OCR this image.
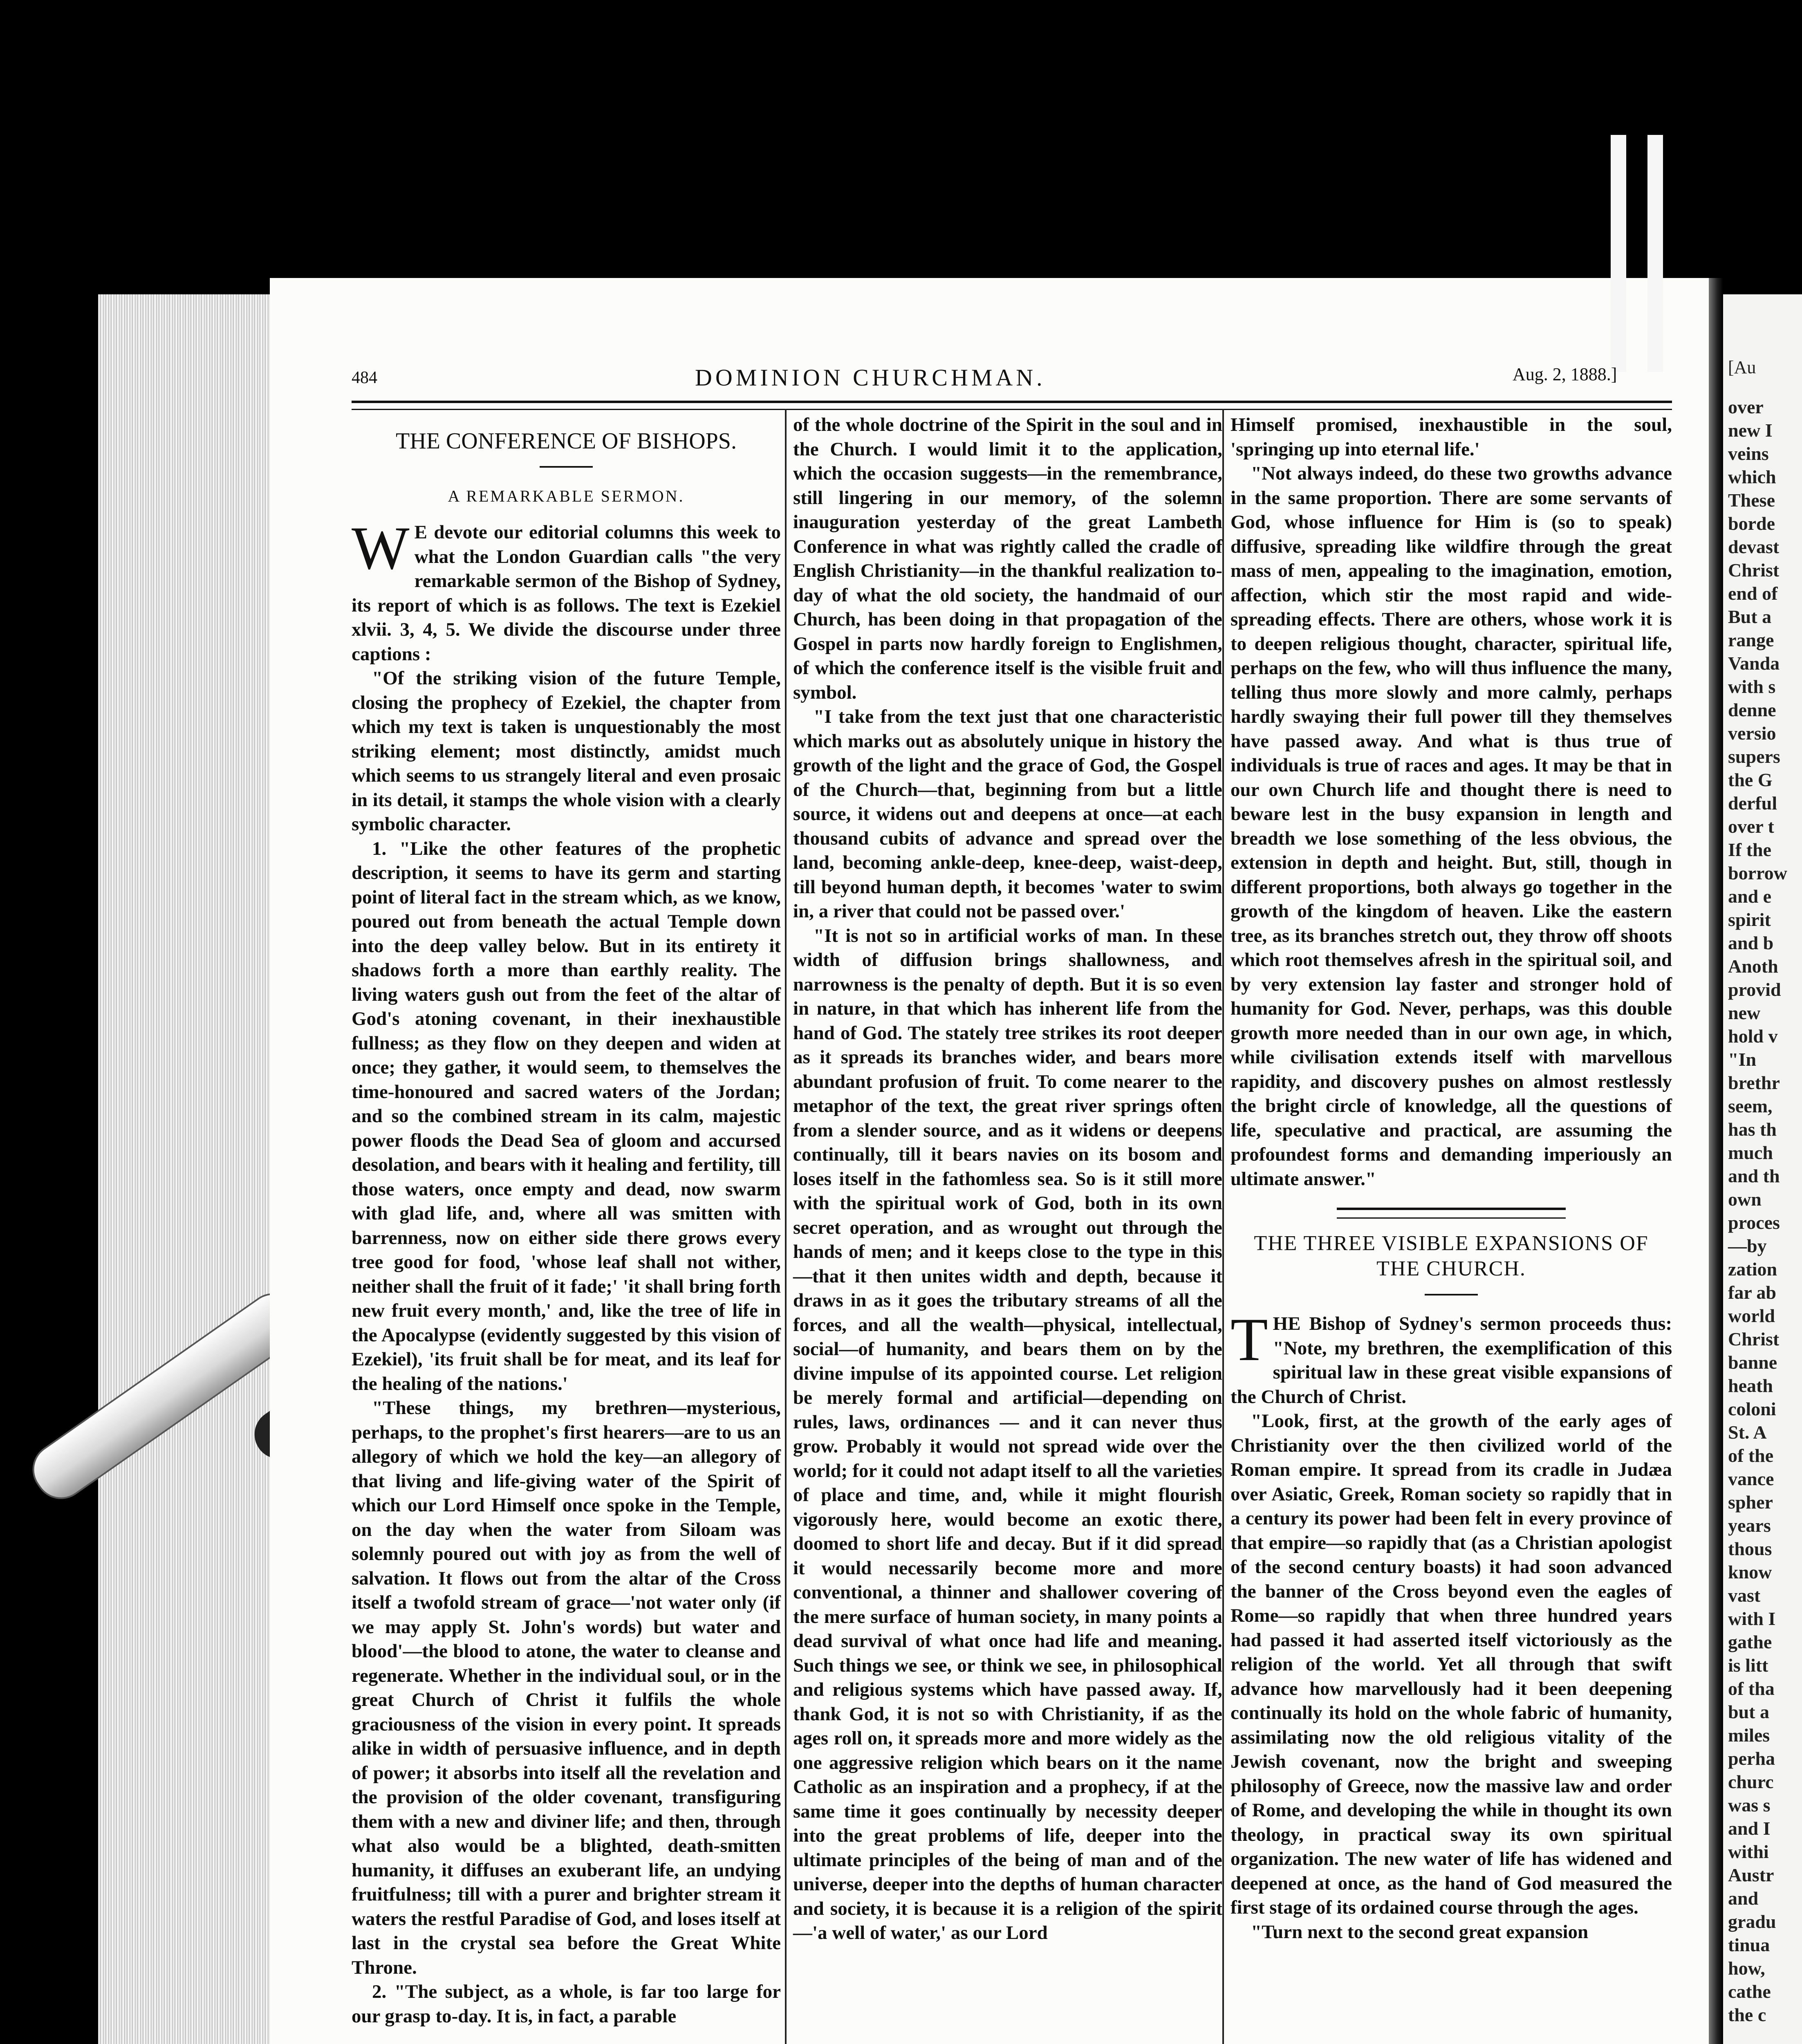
[Au
over
new I
veins
which
These
borde
devast
Christ
end of
But a
range
Vanda
with s
denne
versio
supers
the G
derful
over t
If the
borrow
and e
spirit
and b
Anoth
provid
new
hold v
"In
brethr
seem,
has th
much
and th
own
proces
—by
zation
far ab
world
Christ
banne
heath
coloni
St. A
of the
vance
spher
years
thous
know
vast
with I
gathe
is litt
of tha
but a
miles
perha
churc
was s
and I
withi
Austr
and
gradu
tinua
how,
cathe
the c
484	DOMINION CHURCHMAN.	Aug. 2, 1888.]
THE CONFERENCE OF BISHOPS.
A REMARKABLE SERMON.

W E devote our editorial columns this week to what the London Guardian calls "the very remarkable sermon of the Bishop of Sydney, its report of which is as follows. The text is Ezekiel xlvii. 3, 4, 5. We divide the discourse under three captions :

"Of the striking vision of the future Temple, closing the prophecy of Ezekiel, the chapter from which my text is taken is unquestionably the most striking element; most distinctly, amidst much which seems to us strangely literal and even prosaic in its detail, it stamps the whole vision with a clearly symbolic character.

1. "Like the other features of the prophetic description, it seems to have its germ and starting point of literal fact in the stream which, as we know, poured out from beneath the actual Temple down into the deep valley below. But in its entirety it shadows forth a more than earthly reality. The living waters gush out from the feet of the altar of God's atoning covenant, in their inexhaustible fullness; as they flow on they deepen and widen at once; they gather, it would seem, to themselves the time-honoured and sacred waters of the Jordan; and so the combined stream in its calm, majestic power floods the Dead Sea of gloom and accursed desolation, and bears with it healing and fertility, till those waters, once empty and dead, now swarm with glad life, and, where all was smitten with barrenness, now on either side there grows every tree good for food, 'whose leaf shall not wither, neither shall the fruit of it fade;' 'it shall bring forth new fruit every month,' and, like the tree of life in the Apocalypse (evidently suggested by this vision of Ezekiel), 'its fruit shall be for meat, and its leaf for the healing of the nations.'

"These things, my brethren—mysterious, perhaps, to the prophet's first hearers—are to us an allegory of which we hold the key—an allegory of that living and life-giving water of the Spirit of which our Lord Himself once spoke in the Temple, on the day when the water from Siloam was solemnly poured out with joy as from the well of salvation. It flows out from the altar of the Cross itself a twofold stream of grace—'not water only (if we may apply St. John's words) but water and blood'—the blood to atone, the water to cleanse and regenerate. Whether in the individual soul, or in the great Church of Christ it fulfils the whole graciousness of the vision in every point. It spreads alike in width of persuasive influence, and in depth of power; it absorbs into itself all the revelation and the provision of the older covenant, transfiguring them with a new and diviner life; and then, through what also would be a blighted, death-smitten humanity, it diffuses an exuberant life, an undying fruitfulness; till with a purer and brighter stream it waters the restful Paradise of God, and loses itself at last in the crystal sea before the Great White Throne.

2. "The subject, as a whole, is far too large for our grasp to-day. It is, in fact, a parable

of the whole doctrine of the Spirit in the soul and in the Church. I would limit it to the application, which the occasion suggests—in the remembrance, still lingering in our memory, of the solemn inauguration yesterday of the great Lambeth Conference in what was rightly called the cradle of English Christianity—in the thankful realization to-day of what the old society, the handmaid of our Church, has been doing in that propagation of the Gospel in parts now hardly foreign to Englishmen, of which the conference itself is the visible fruit and symbol.

"I take from the text just that one characteristic which marks out as absolutely unique in history the growth of the light and the grace of God, the Gospel of the Church—that, beginning from but a little source, it widens out and deepens at once—at each thousand cubits of advance and spread over the land, becoming ankle-deep, knee-deep, waist-deep, till beyond human depth, it becomes 'water to swim in, a river that could not be passed over.'

"It is not so in artificial works of man. In these width of diffusion brings shallowness, and narrowness is the penalty of depth. But it is so even in nature, in that which has inherent life from the hand of God. The stately tree strikes its root deeper as it spreads its branches wider, and bears more abundant profusion of fruit. To come nearer to the metaphor of the text, the great river springs often from a slender source, and as it widens or deepens continually, till it bears navies on its bosom and loses itself in the fathomless sea. So is it still more with the spiritual work of God, both in its own secret operation, and as wrought out through the hands of men; and it keeps close to the type in this—that it then unites width and depth, because it draws in as it goes the tributary streams of all the forces, and all the wealth—physical, intellectual, social—of humanity, and bears them on by the divine impulse of its appointed course. Let religion be merely formal and artificial—depending on rules, laws, ordinances — and it can never thus grow. Probably it would not spread wide over the world; for it could not adapt itself to all the varieties of place and time, and, while it might flourish vigorously here, would become an exotic there, doomed to short life and decay. But if it did spread it would necessarily become more and more conventional, a thinner and shallower covering of the mere surface of human society, in many points a dead survival of what once had life and meaning. Such things we see, or think we see, in philosophical and religious systems which have passed away. If, thank God, it is not so with Christianity, if as the ages roll on, it spreads more and more widely as the one aggressive religion which bears on it the name Catholic as an inspiration and a prophecy, if at the same time it goes continually by necessity deeper into the great problems of life, deeper into the ultimate principles of the being of man and of the universe, deeper into the depths of human character and society, it is because it is a religion of the spirit—'a well of water,' as our Lord

Himself promised, inexhaustible in the soul, 'springing up into eternal life.'

"Not always indeed, do these two growths advance in the same proportion. There are some servants of God, whose influence for Him is (so to speak) diffusive, spreading like wildfire through the great mass of men, appealing to the imagination, emotion, affection, which stir the most rapid and wide-spreading effects. There are others, whose work it is to deepen religious thought, character, spiritual life, perhaps on the few, who will thus influence the many, telling thus more slowly and more calmly, perhaps hardly swaying their full power till they themselves have passed away. And what is thus true of individuals is true of races and ages. It may be that in our own Church life and thought there is need to beware lest in the busy expansion in length and breadth we lose something of the less obvious, the extension in depth and height. But, still, though in different proportions, both always go together in the growth of the kingdom of heaven. Like the eastern tree, as its branches stretch out, they throw off shoots which root themselves afresh in the spiritual soil, and by very extension lay faster and stronger hold of humanity for God. Never, perhaps, was this double growth more needed than in our own age, in which, while civilisation extends itself with marvellous rapidity, and discovery pushes on almost restlessly the bright circle of knowledge, all the questions of life, speculative and practical, are assuming the profoundest forms and demanding imperiously an ultimate answer."

THE THREE VISIBLE EXPANSIONS OF THE CHURCH.

THE Bishop of Sydney's sermon proceeds thus: "Note, my brethren, the exemplification of this spiritual law in these great visible expansions of the Church of Christ.

"Look, first, at the growth of the early ages of Christianity over the then civilized world of the Roman empire. It spread from its cradle in Judæa over Asiatic, Greek, Roman society so rapidly that in a century its power had been felt in every province of that empire—so rapidly that (as a Christian apologist of the second century boasts) it had soon advanced the banner of the Cross beyond even the eagles of Rome—so rapidly that when three hundred years had passed it had asserted itself victoriously as the religion of the world. Yet all through that swift advance how marvellously had it been deepening continually its hold on the whole fabric of humanity, assimilating now the old religious vitality of the Jewish covenant, now the bright and sweeping philosophy of Greece, now the massive law and order of Rome, and developing the while in thought its own theology, in practical sway its own spiritual organization. The new water of life has widened and deepened at once, as the hand of God measured the first stage of its ordained course through the ages.

"Turn next to the second great expansion
